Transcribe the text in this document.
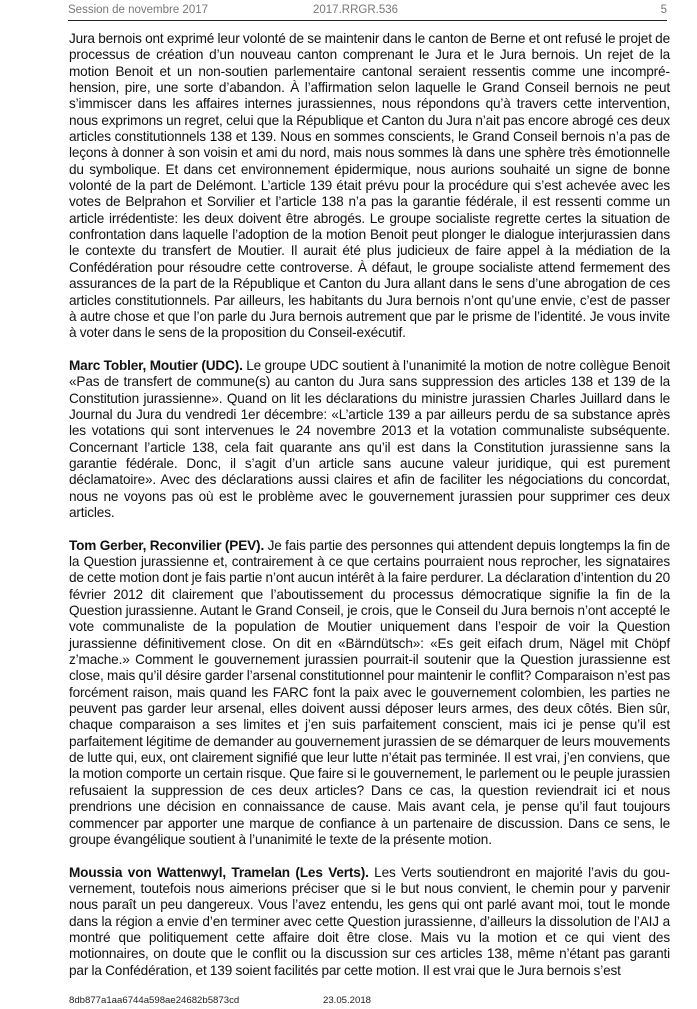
Session de novembre 2017	2017.RRGR.536	5

Jura bernois ont exprimé leur volonté de se maintenir dans le canton de Berne et ont refusé le projet de processus de création d’un nouveau canton comprenant le Jura et le Jura bernois. Un rejet de la motion Benoit et un non-soutien parlementaire cantonal seraient ressentis comme une incompréhension, pire, une sorte d’abandon. À l’affirmation selon laquelle le Grand Conseil bernois ne peut s’immiscer dans les affaires internes jurassiennes, nous répondons qu’à travers cette intervention, nous exprimons un regret, celui que la République et Canton du Jura n’ait pas encore abrogé ces deux articles constitutionnels 138 et 139. Nous en sommes conscients, le Grand Conseil bernois n’a pas de leçons à donner à son voisin et ami du nord, mais nous sommes là dans une sphère très émotionnelle du symbolique. Et dans cet environnement épidermique, nous aurions souhaité un signe de bonne volonté de la part de Delémont. L’article 139 était prévu pour la procédure qui s’est achevée avec les votes de Belprahon et Sorvilier et l’article 138 n’a pas la garantie fédérale, il est ressenti comme un article irrédentiste: les deux doivent être abrogés. Le groupe socialiste regrette certes la situation de confrontation dans laquelle l’adoption de la motion Benoit peut plonger le dialogue interjurassien dans le contexte du transfert de Moutier. Il aurait été plus judicieux de faire appel à la médiation de la Confédération pour résoudre cette controverse. À défaut, le groupe socialiste attend fermement des assurances de la part de la République et Canton du Jura allant dans le sens d’une abrogation de ces articles constitutionnels. Par ailleurs, les habitants du Jura bernois n’ont qu’une envie, c’est de passer à autre chose et que l’on parle du Jura bernois autrement que par le prisme de l’identité. Je vous invite à voter dans le sens de la proposition du Conseil-exécutif.

Marc Tobler, Moutier (UDC). Le groupe UDC soutient à l’unanimité la motion de notre collègue Benoit «Pas de transfert de commune(s) au canton du Jura sans suppression des articles 138 et 139 de la Constitution jurassienne». Quand on lit les déclarations du ministre jurassien Charles Juillard dans le Journal du Jura du vendredi 1er décembre: «L’article 139 a par ailleurs perdu de sa substance après les votations qui sont intervenues le 24 novembre 2013 et la votation communaliste subséquente. Concernant l’article 138, cela fait quarante ans qu’il est dans la Constitution jurassienne sans la garantie fédérale. Donc, il s’agit d’un article sans aucune valeur juridique, qui est purement déclamatoire». Avec des déclarations aussi claires et afin de faciliter les négociations du concordat, nous ne voyons pas où est le problème avec le gouvernement jurassien pour supprimer ces deux articles.

Tom Gerber, Reconvilier (PEV). Je fais partie des personnes qui attendent depuis longtemps la fin de la Question jurassienne et, contrairement à ce que certains pourraient nous reprocher, les signataires de cette motion dont je fais partie n’ont aucun intérêt à la faire perdurer. La déclaration d’intention du 20 février 2012 dit clairement que l’aboutissement du processus démocratique signifie la fin de la Question jurassienne. Autant le Grand Conseil, je crois, que le Conseil du Jura bernois n’ont accepté le vote communaliste de la population de Moutier uniquement dans l’espoir de voir la Question jurassienne définitivement close. On dit en «Bärndütsch»: «Es geit eifach drum, Nägel mit Chöpf z’mache.» Comment le gouvernement jurassien pourrait-il soutenir que la Question jurassienne est close, mais qu’il désire garder l’arsenal constitutionnel pour maintenir le conflit? Comparaison n’est pas forcément raison, mais quand les FARC font la paix avec le gouvernement colombien, les parties ne peuvent pas garder leur arsenal, elles doivent aussi déposer leurs armes, des deux côtés. Bien sûr, chaque comparaison a ses limites et j’en suis parfaitement conscient, mais ici je pense qu’il est parfaitement légitime de demander au gouvernement jurassien de se démarquer de leurs mouvements de lutte qui, eux, ont clairement signifié que leur lutte n’était pas terminée. Il est vrai, j’en conviens, que la motion comporte un certain risque. Que faire si le gouvernement, le parlement ou le peuple jurassien refusaient la suppression de ces deux articles? Dans ce cas, la question reviendrait ici et nous prendrions une décision en connaissance de cause. Mais avant cela, je pense qu’il faut toujours commencer par apporter une marque de confiance à un partenaire de discussion. Dans ce sens, le groupe évangélique soutient à l’unanimité le texte de la présente motion.

Moussia von Wattenwyl, Tramelan (Les Verts). Les Verts soutiendront en majorité l’avis du gouvernement, toutefois nous aimerions préciser que si le but nous convient, le chemin pour y parvenir nous paraît un peu dangereux. Vous l’avez entendu, les gens qui ont parlé avant moi, tout le monde dans la région a envie d’en terminer avec cette Question jurassienne, d’ailleurs la dissolution de l’AIJ a montré que politiquement cette affaire doit être close. Mais vu la motion et ce qui vient des motionnaires, on doute que le conflit ou la discussion sur ces articles 138, même n’étant pas garanti par la Confédération, et 139 soient facilités par cette motion. Il est vrai que le Jura bernois s’est

8db877a1aa6744a598ae24682b5873cd	23.05.2018
